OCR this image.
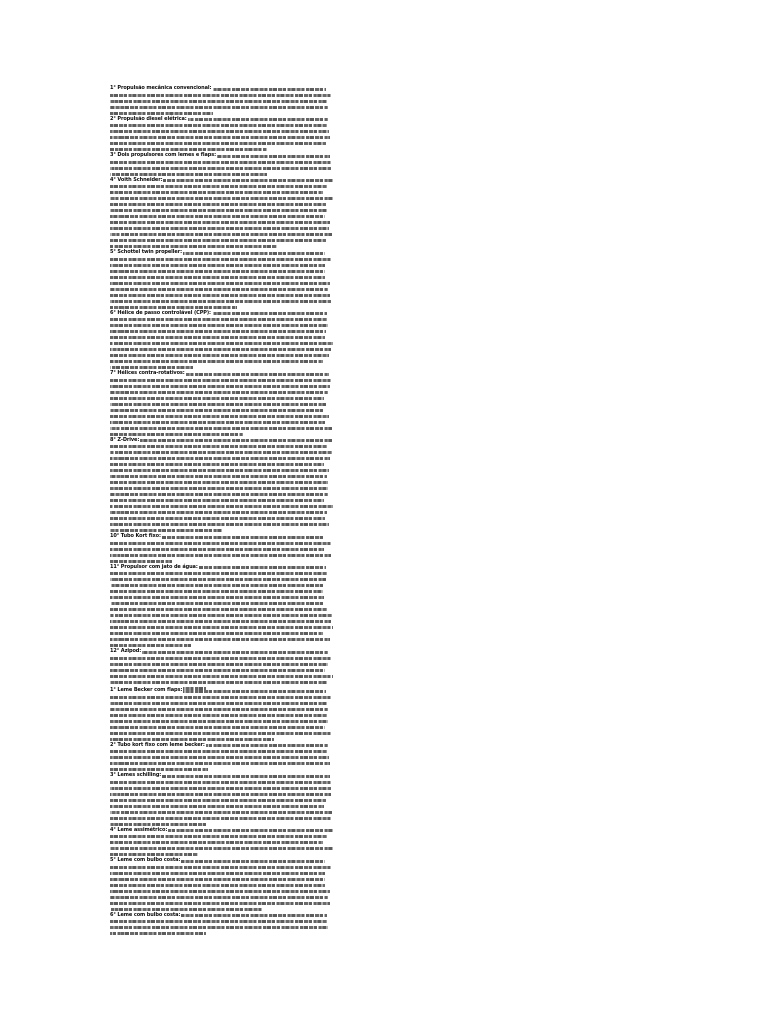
1° Propulsão mecânica convencional:
2° Propulsão diesel elétrica:
3° Dois propulsores com lemes e flaps:
4° Voith Schneider:
5° Schottel twin propeller:
6° Hélice de passo controlável (CPP):
7° Hélices contra-rotativos:
8° Z-Drive:
10° Tubo Kort fixo:
11° Propulsor com jato de água:
12° Azipod:
1° Leme Becker com flaps:
2° Tubo kort fixo com leme becker:
3° Lemes schilling:
4° Leme assimétrico:
5° Leme com bulbo costa:
6° Leme com bulbo costa:
